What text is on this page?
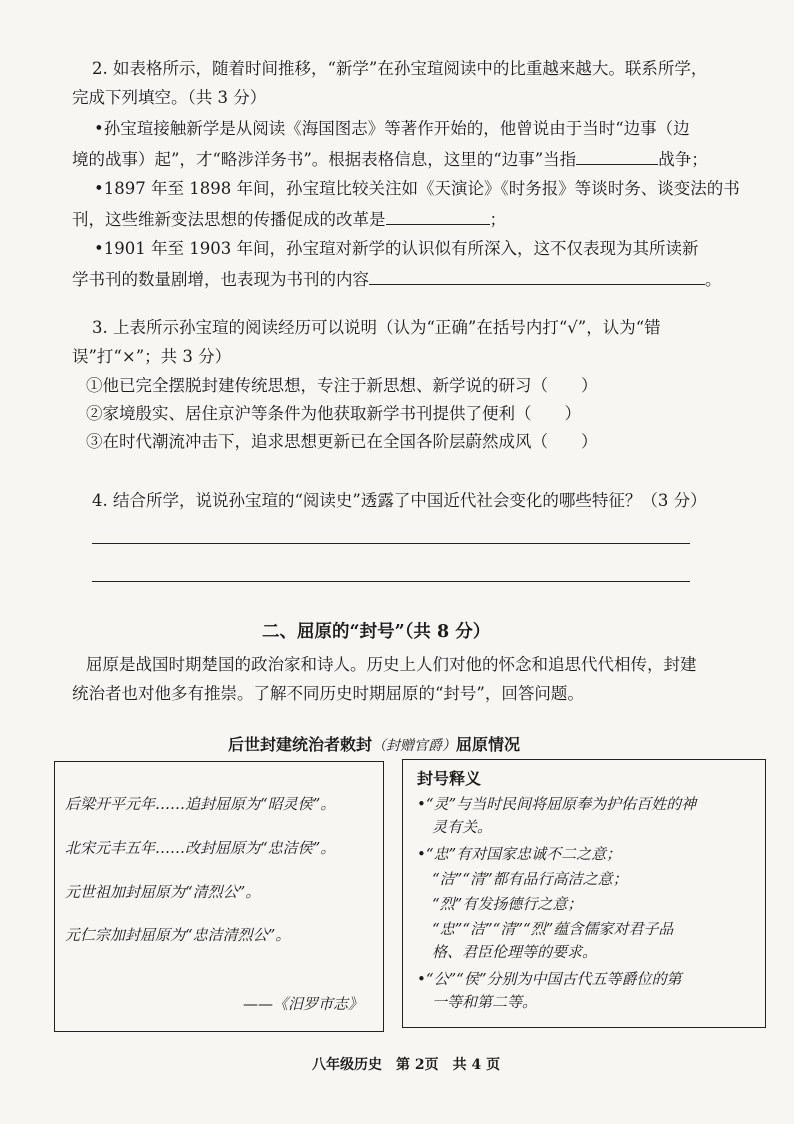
2. 如表格所示，随着时间推移，“新学”在孙宝瑄阅读中的比重越来越大。联系所学，
完成下列填空。（共 3 分）
•孙宝瑄接触新学是从阅读《海国图志》等著作开始的，他曾说由于当时“边事（边
境的战事）起”，才“略涉洋务书”。根据表格信息，这里的“边事”当指	战争；
•1897 年至 1898 年间，孙宝瑄比较关注如《天演论》《时务报》等谈时务、谈变法的书
刊，这些维新变法思想的传播促成的改革是	；
•1901 年至 1903 年间，孙宝瑄对新学的认识似有所深入，这不仅表现为其所读新
学书刊的数量剧增，也表现为书刊的内容	。
3. 上表所示孙宝瑄的阅读经历可以说明（认为“正确”在括号内打“√”，认为“错
误”打“×”；共 3 分）
①他已完全摆脱封建传统思想，专注于新思想、新学说的研习（　　）
②家境殷实、居住京沪等条件为他获取新学书刊提供了便利（　　）
③在时代潮流冲击下，追求思想更新已在全国各阶层蔚然成风（　　）
4. 结合所学，说说孙宝瑄的“阅读史”透露了中国近代社会变化的哪些特征？（3 分）
二、屈原的“封号”（共 8 分）
屈原是战国时期楚国的政治家和诗人。历史上人们对他的怀念和追思代代相传，封建
统治者也对他多有推崇。了解不同历史时期屈原的“封号”，回答问题。
后世封建统治者敕封（封赠官爵）屈原情况
后梁开平元年……追封屈原为“昭灵侯”。
北宋元丰五年……改封屈原为“忠洁侯”。
元世祖加封屈原为“清烈公”。
元仁宗加封屈原为“忠洁清烈公”。
——《汨罗市志》
封号释义
•“灵”与当时民间将屈原奉为护佑百姓的神
　灵有关。
•“忠”有对国家忠诚不二之意；
　“洁”“清”都有品行高洁之意；
　“烈”有发扬德行之意；
　“忠”“洁”“清”“烈”蕴含儒家对君子品
　格、君臣伦理等的要求。
•“公”“侯”分别为中国古代五等爵位的第
　一等和第二等。
八年级历史  第 2页  共 4 页
